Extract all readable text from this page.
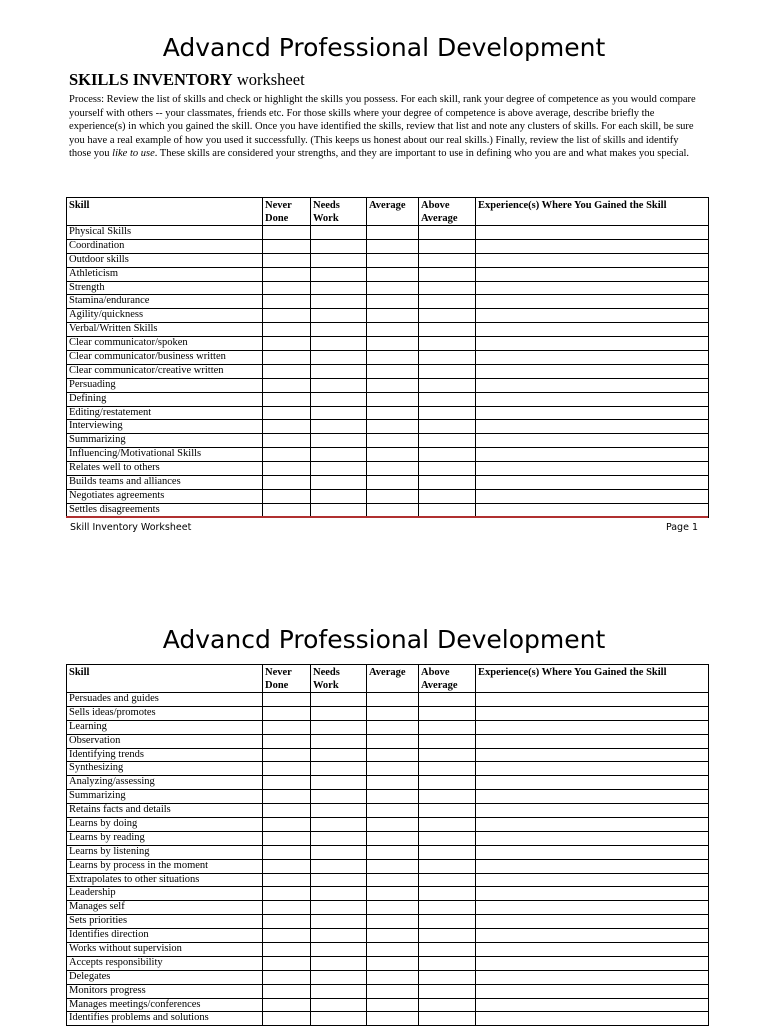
Advancd Professional Development
SKILLS INVENTORY worksheet
Process: Review the list of skills and check or highlight the skills you possess. For each skill, rank your degree of competence as you would compare yourself with others -- your classmates, friends etc. For those skills where your degree of competence is above average, describe briefly the experience(s) in which you gained the skill. Once you have identified the skills, review that list and note any clusters of skills. For each skill, be sure you have a real example of how you used it successfully. (This keeps us honest about our real skills.) Finally, review the list of skills and identify those you like to use. These skills are considered your strengths, and they are important to use in defining who you are and what makes you special.
Skill	Never Done	Needs Work	Average	Above Average	Experience(s) Where You Gained the Skill
Physical Skills					
Coordination					
Outdoor skills					
Athleticism					
Strength					
Stamina/endurance					
Agility/quickness					
Verbal/Written Skills					
Clear communicator/spoken					
Clear communicator/business written					
Clear communicator/creative written					
Persuading					
Defining					
Editing/restatement					
Interviewing					
Summarizing					
Influencing/Motivational Skills					
Relates well to others					
Builds teams and alliances					
Negotiates agreements					
Settles disagreements					
Skill Inventory Worksheet	Page 1
Advancd Professional Development
Skill	Never Done	Needs Work	Average	Above Average	Experience(s) Where You Gained the Skill
Persuades and guides					
Sells ideas/promotes					
Learning					
Observation					
Identifying trends					
Synthesizing					
Analyzing/assessing					
Summarizing					
Retains facts and details					
Learns by doing					
Learns by reading					
Learns by listening					
Learns by process in the moment					
Extrapolates to other situations					
Leadership					
Manages self					
Sets priorities					
Identifies direction					
Works without supervision					
Accepts responsibility					
Delegates					
Monitors progress					
Manages meetings/conferences					
Identifies problems and solutions					
